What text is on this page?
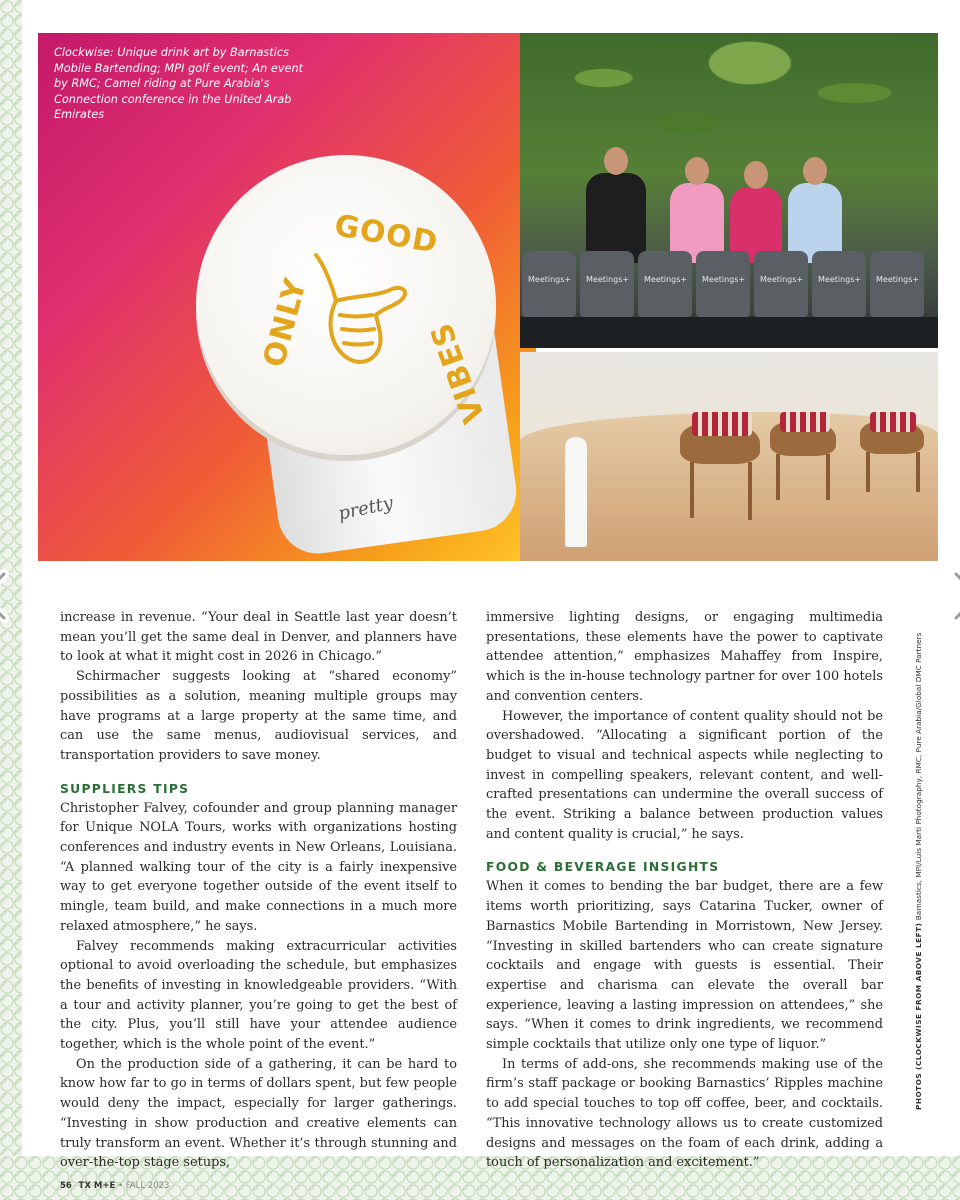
GOOD
ONLY	VIBES
pretty
Clockwise: Unique drink art by Barnastics Mobile Bartending; MPI golf event; An event by RMC; Camel riding at Pure Arabia's Connection conference in the United Arab Emirates
Meetings+ Meetings+ Meetings+ Meetings+ Meetings+ Meetings+ Meetings+

increase in revenue. “Your deal in Seattle last year doesn’t mean you’ll get the same deal in Denver, and planners have to look at what it might cost in 2026 in Chicago.”

Schirmacher suggests looking at “shared economy” possibilities as a solution, meaning multiple groups may have programs at a large property at the same time, and can use the same menus, audiovisual services, and transportation providers to save money.

SUPPLIERS TIPS

Christopher Falvey, cofounder and group planning manager for Unique NOLA Tours, works with organizations hosting conferences and industry events in New Orleans, Louisiana. “A planned walking tour of the city is a fairly inexpensive way to get everyone together outside of the event itself to mingle, team build, and make connections in a much more relaxed atmosphere,” he says.

Falvey recommends making extracurricular activities optional to avoid overloading the schedule, but emphasizes the benefits of investing in knowledgeable providers. “With a tour and activity planner, you’re going to get the best of the city. Plus, you’ll still have your attendee audience together, which is the whole point of the event.”

On the production side of a gathering, it can be hard to know how far to go in terms of dollars spent, but few people would deny the impact, especially for larger gatherings. “Investing in show production and creative elements can truly transform an event. Whether it’s through stunning and over-the-top stage setups,

immersive lighting designs, or engaging multimedia presentations, these elements have the power to captivate attendee attention,” emphasizes Mahaffey from Inspire, which is the in-house technology partner for over 100 hotels and convention centers.

However, the importance of content quality should not be overshadowed. “Allocating a significant portion of the budget to visual and technical aspects while neglecting to invest in compelling speakers, relevant content, and well-crafted presentations can undermine the overall success of the event. Striking a balance between production values and content quality is crucial,” he says.

FOOD & BEVERAGE INSIGHTS

When it comes to bending the bar budget, there are a few items worth prioritizing, says Catarina Tucker, owner of Barnastics Mobile Bartending in Morristown, New Jersey. “Investing in skilled bartenders who can create signature cocktails and engage with guests is essential. Their expertise and charisma can elevate the overall bar experience, leaving a lasting impression on attendees,” she says. “When it comes to drink ingredients, we recommend simple cocktails that utilize only one type of liquor.”

In terms of add-ons, she recommends making use of the firm’s staff package or booking Barnastics’ Ripples machine to add special touches to top off coffee, beer, and cocktails. “This innovative technology allows us to create customized designs and messages on the foam of each drink, adding a touch of personalization and excitement.”

PHOTOS (CLOCKWISE FROM ABOVE LEFT) Barnastics, MPI/Luis Marti Photography, RMC, Pure Arabia/Global DMC Partners
56 TX M+E • FALL 2023
